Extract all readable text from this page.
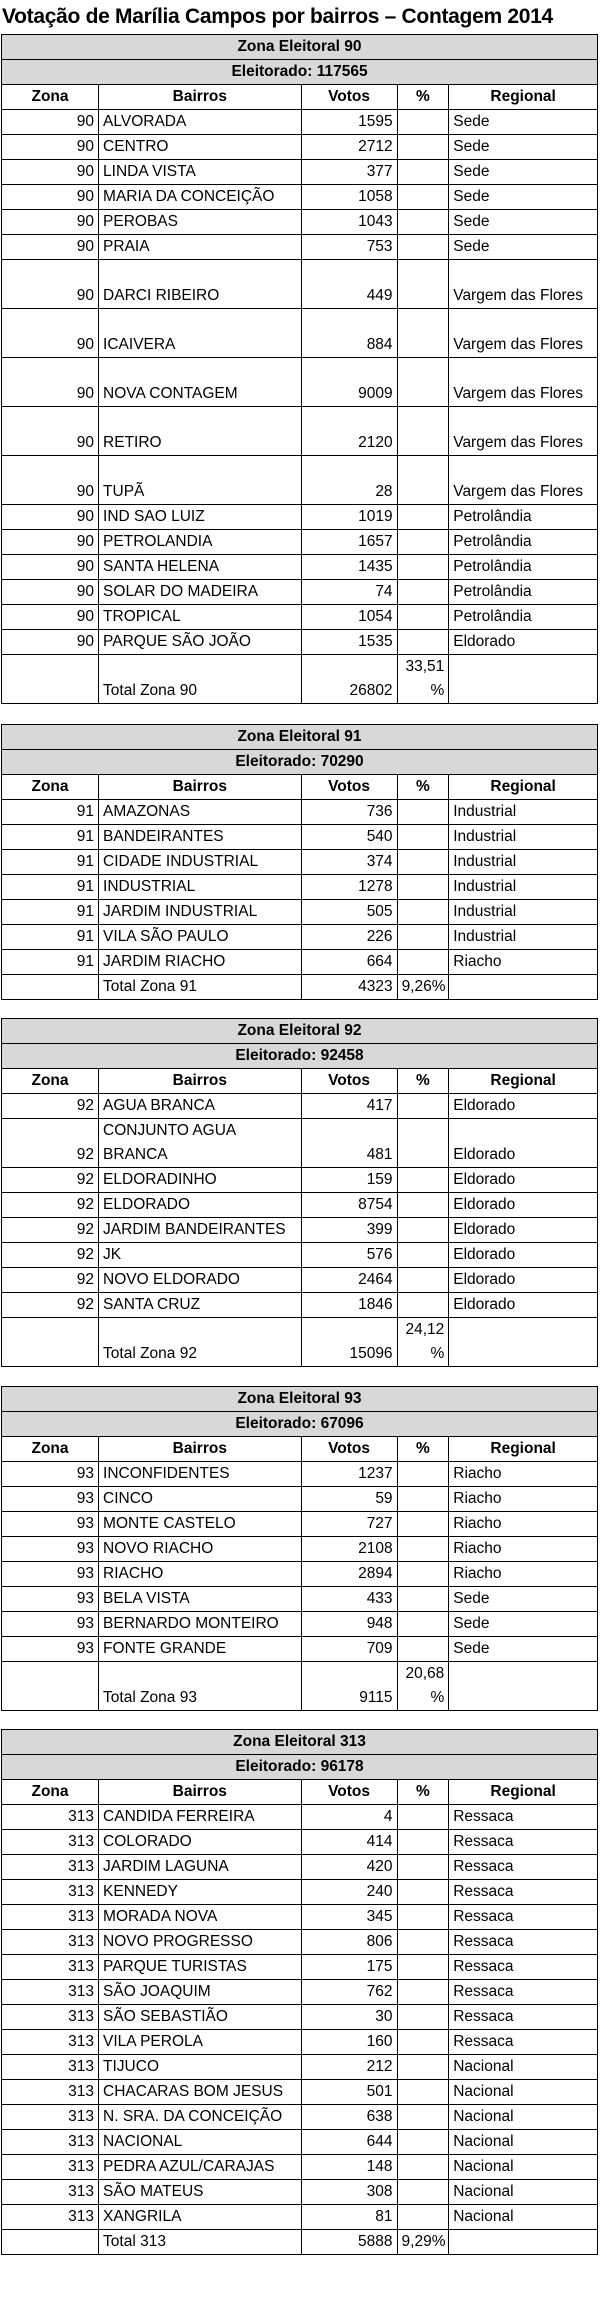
Votação de Marília Campos por bairros – Contagem 2014
Zona Eleitoral 90				
Eleitorado: 117565				
Zona	Bairros	Votos	%	Regional
90	ALVORADA	1595		Sede
90	CENTRO	2712		Sede
90	LINDA VISTA	377		Sede
90	MARIA DA CONCEIÇÃO	1058		Sede
90	PEROBAS	1043		Sede
90	PRAIA	753		Sede
90	DARCI RIBEIRO	449		Vargem das Flores

90	ICAIVERA	884		Vargem das Flores

90	NOVA CONTAGEM	9009		Vargem das Flores

90	RETIRO	2120		Vargem das Flores

90	TUPÃ	28		Vargem das Flores

90	IND SAO LUIZ	1019		Petrolândia
90	PETROLANDIA	1657		Petrolândia
90	SANTA HELENA	1435		Petrolândia
90	SOLAR DO MADEIRA	74		Petrolândia
90	TROPICAL	1054		Petrolândia
90	PARQUE SÃO JOÃO	1535		Eldorado
	Total Zona 90	26802	33,51 %	

Zona Eleitoral 91				
Eleitorado: 70290				
Zona	Bairros	Votos	%	Regional
91	AMAZONAS	736		Industrial
91	BANDEIRANTES	540		Industrial
91	CIDADE INDUSTRIAL	374		Industrial
91	INDUSTRIAL	1278		Industrial
91	JARDIM INDUSTRIAL	505		Industrial
91	VILA SÃO PAULO	226		Industrial
91	JARDIM RIACHO	664		Riacho
	Total Zona 91	4323	9,26%	
Zona Eleitoral 92				
Eleitorado: 92458				
Zona	Bairros	Votos	%	Regional
92	AGUA BRANCA	417		Eldorado
92	CONJUNTO AGUA BRANCA	481		Eldorado
92	ELDORADINHO	159		Eldorado
92	ELDORADO	8754		Eldorado
92	JARDIM BANDEIRANTES	399		Eldorado
92	JK	576		Eldorado
92	NOVO ELDORADO	2464		Eldorado
92	SANTA CRUZ	1846		Eldorado
	Total Zona 92	15096	24,12 %	

Zona Eleitoral 93				
Eleitorado: 67096				
Zona	Bairros	Votos	%	Regional
93	INCONFIDENTES	1237		Riacho
93	CINCO	59		Riacho
93	MONTE CASTELO	727		Riacho
93	NOVO RIACHO	2108		Riacho
93	RIACHO	2894		Riacho
93	BELA VISTA	433		Sede
93	BERNARDO MONTEIRO	948		Sede
93	FONTE GRANDE	709		Sede
	Total Zona 93	9115	20,68 %	

Zona Eleitoral 313				
Eleitorado: 96178				
Zona	Bairros	Votos	%	Regional
313	CANDIDA FERREIRA	4		Ressaca
313	COLORADO	414		Ressaca
313	JARDIM LAGUNA	420		Ressaca
313	KENNEDY	240		Ressaca
313	MORADA NOVA	345		Ressaca
313	NOVO PROGRESSO	806		Ressaca
313	PARQUE TURISTAS	175		Ressaca
313	SÃO JOAQUIM	762		Ressaca
313	SÃO SEBASTIÃO	30		Ressaca
313	VILA PEROLA	160		Ressaca
313	TIJUCO	212		Nacional
313	CHACARAS BOM JESUS	501		Nacional
313	N. SRA. DA CONCEIÇÃO	638		Nacional
313	NACIONAL	644		Nacional
313	PEDRA AZUL/CARAJAS	148		Nacional
313	SÃO MATEUS	308		Nacional
313	XANGRILA	81		Nacional
	Total 313	5888	9,29%	
